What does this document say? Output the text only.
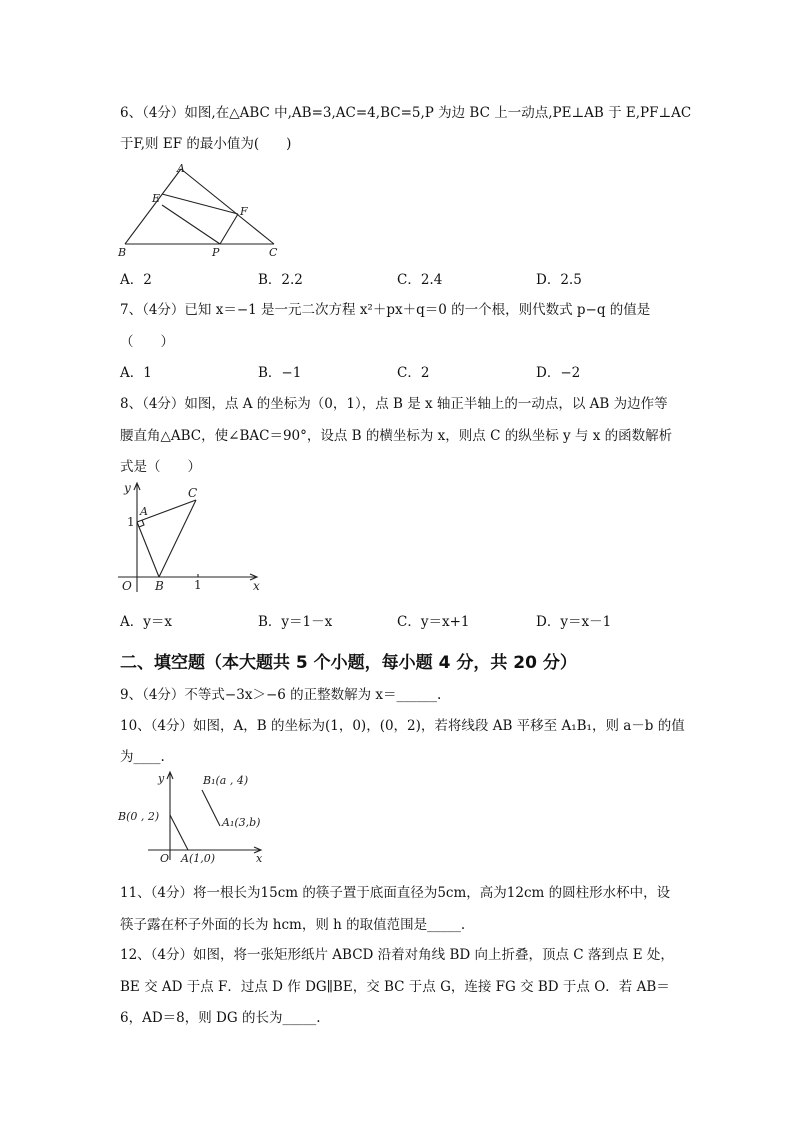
6、（4分）如图,在△ABC 中,AB=3,AC=4,BC=5,P 为边 BC 上一动点,PE⊥AB 于 E,PF⊥AC
于F,则 EF 的最小值为(　　)
A
E
F
B	P	C
A．2	B．2.2	C．2.4	D．2.5
7、（4分）已知 x＝−1 是一元二次方程 x²＋px＋q＝0 的一个根，则代数式 p−q 的值是
（　　）
A．1	B．−1	C．2	D．−2
8、（4分）如图，点 A 的坐标为（0，1），点 B 是 x 轴正半轴上的一动点，以 AB 为边作等
腰直角△ABC，使∠BAC＝90°，设点 B 的横坐标为 x，则点 C 的纵坐标 y 与 x 的函数解析
式是（　　）
y	C
A
1
O B	1	x
A．y＝x	B．y＝1－x	C．y＝x+1	D．y＝x－1
二、填空题（本大题共 5 个小题，每小题 4 分，共 20 分）
9、（4分）不等式−3x＞−6 的正整数解为 x＝______.
10、（4分）如图，A，B 的坐标为(1，0)，(0，2)，若将线段 AB 平移至 A₁B₁，则 a－b 的值
为____.
y	B₁(a , 4)
B(0 , 2)	A₁(3,b)
O A(1,0)	x
11、（4分）将一根长为15cm 的筷子置于底面直径为5cm，高为12cm 的圆柱形水杯中，设
筷子露在杯子外面的长为 hcm，则 h 的取值范围是_____.
12、（4分）如图，将一张矩形纸片 ABCD 沿着对角线 BD 向上折叠，顶点 C 落到点 E 处，
BE 交 AD 于点 F．过点 D 作 DG∥BE，交 BC 于点 G，连接 FG 交 BD 于点 O．若 AB＝
6，AD＝8，则 DG 的长为_____.
